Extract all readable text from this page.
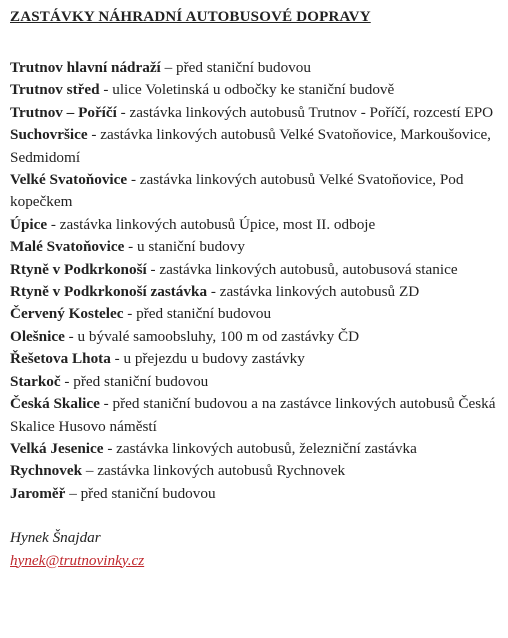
ZASTÁVKY NÁHRADNÍ AUTOBUSOVÉ DOPRAVY
Trutnov hlavní nádraží – před staniční budovou
Trutnov střed - ulice Voletinská u odbočky ke staniční budově
Trutnov – Poříčí - zastávka linkových autobusů Trutnov - Poříčí, rozcestí EPO
Suchovršice - zastávka linkových autobusů Velké Svatoňovice, Markoušovice, Sedmidomí
Velké Svatoňovice - zastávka linkových autobusů Velké Svatoňovice, Pod kopečkem
Úpice - zastávka linkových autobusů Úpice, most II. odboje
Malé Svatoňovice - u staniční budovy
Rtyně v Podkrkonoší - zastávka linkových autobusů, autobusová stanice
Rtyně v Podkrkonoší zastávka - zastávka linkových autobusů ZD
Červený Kostelec - před staniční budovou
Olešnice - u bývalé samoobsluhy, 100 m od zastávky ČD
Řešetova Lhota - u přejezdu u budovy zastávky
Starkoč - před staniční budovou
Česká Skalice - před staniční budovou a na zastávce linkových autobusů Česká Skalice Husovo náměstí
Velká Jesenice - zastávka linkových autobusů, železniční zastávka
Rychnovek – zastávka linkových autobusů Rychnovek
Jaroměř – před staniční budovou
Hynek Šnajdar
hynek@trutnovinky.cz
